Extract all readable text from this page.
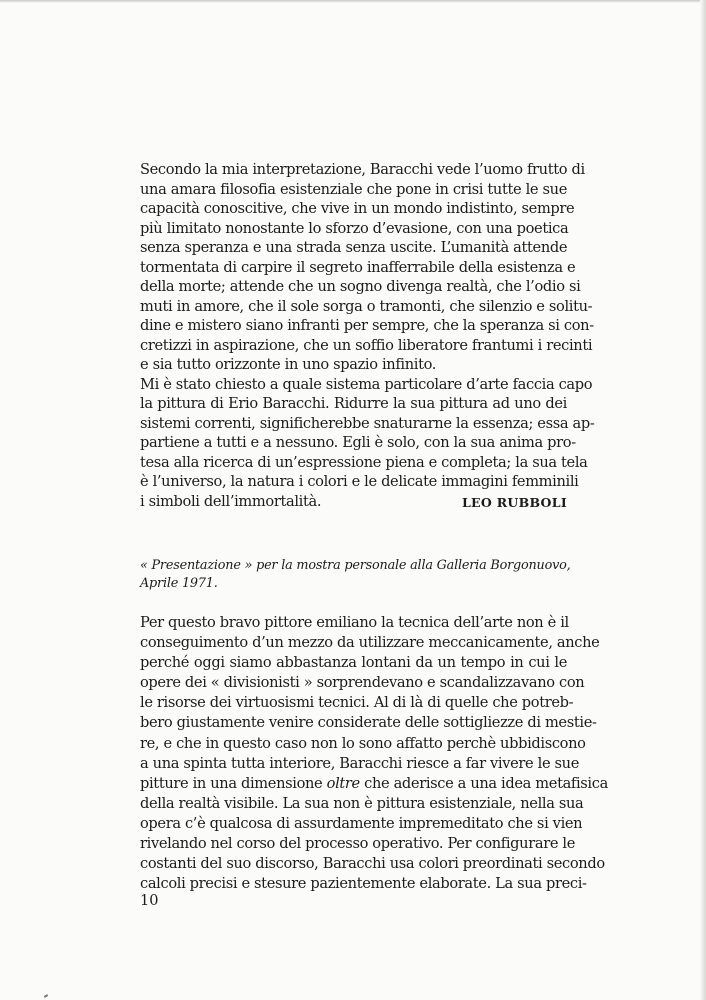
Secondo la mia interpretazione, Baracchi vede l’uomo frutto di
una amara filosofia esistenziale che pone in crisi tutte le sue
capacità conoscitive, che vive in un mondo indistinto, sempre
più limitato nonostante lo sforzo d’evasione, con una poetica
senza speranza e una strada senza uscite. L’umanità attende
tormentata di carpire il segreto inafferrabile della esistenza e
della morte; attende che un sogno divenga realtà, che l’odio si
muti in amore, che il sole sorga o tramonti, che silenzio e solitu-
dine e mistero siano infranti per sempre, che la speranza si con-
cretizzi in aspirazione, che un soffio liberatore frantumi i recinti
e sia tutto orizzonte in uno spazio infinito.
Mi è stato chiesto a quale sistema particolare d’arte faccia capo
la pittura di Erio Baracchi. Ridurre la sua pittura ad uno dei
sistemi correnti, significherebbe snaturarne la essenza; essa ap-
partiene a tutti e a nessuno. Egli è solo, con la sua anima pro-
tesa alla ricerca di un’espressione piena e completa; la sua tela
è l’universo, la natura i colori e le delicate immagini femminili
i simboli dell’immortalità.	LEO RUBBOLI
« Presentazione » per la mostra personale alla Galleria Borgonuovo,
Aprile 1971.
Per questo bravo pittore emiliano la tecnica dell’arte non è il
conseguimento d’un mezzo da utilizzare meccanicamente, anche
perché oggi siamo abbastanza lontani da un tempo in cui le
opere dei « divisionisti » sorprendevano e scandalizzavano con
le risorse dei virtuosismi tecnici. Al di là di quelle che potreb-
bero giustamente venire considerate delle sottigliezze di mestie-
re, e che in questo caso non lo sono affatto perchè ubbidiscono
a una spinta tutta interiore, Baracchi riesce a far vivere le sue
pitture in una dimensione oltre che aderisce a una idea metafisica
della realtà visibile. La sua non è pittura esistenziale, nella sua
opera c’è qualcosa di assurdamente impremeditato che si vien
rivelando nel corso del processo operativo. Per configurare le
costanti del suo discorso, Baracchi usa colori preordinati secondo
calcoli precisi e stesure pazientemente elaborate. La sua preci-
10
